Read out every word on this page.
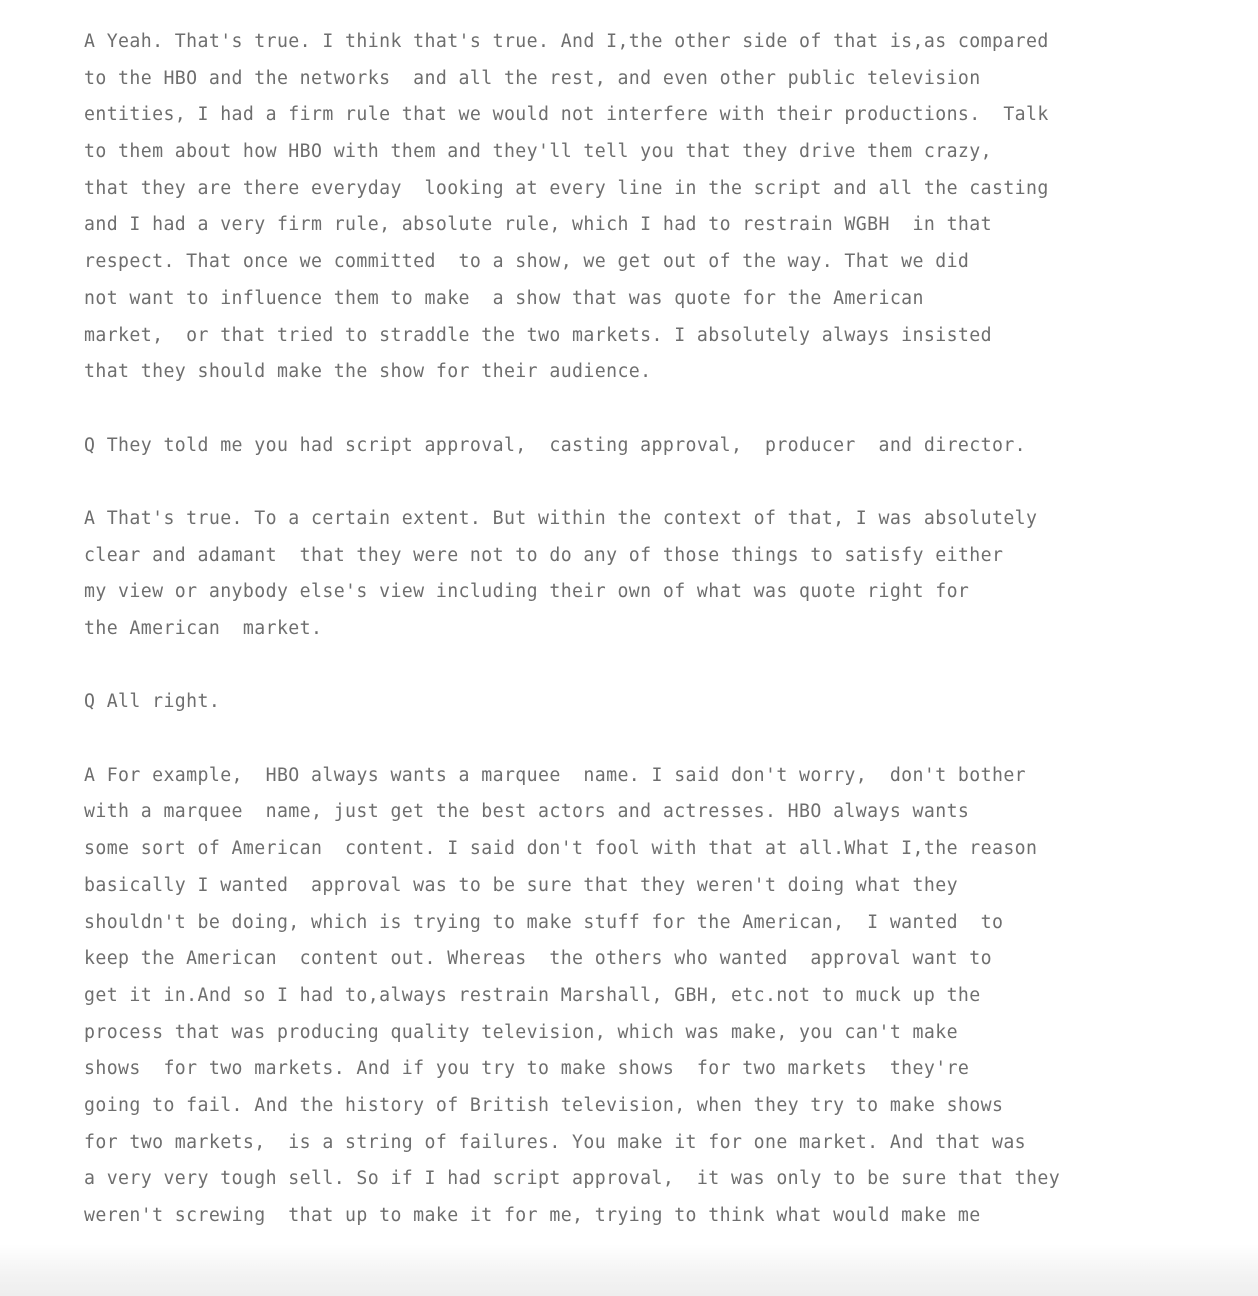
A Yeah. That's true. I think that's true. And I,the other side of that is,as compared
to the HBO and the networks  and all the rest, and even other public television
entities, I had a firm rule that we would not interfere with their productions.  Talk
to them about how HBO with them and they'll tell you that they drive them crazy,
that they are there everyday  looking at every line in the script and all the casting
and I had a very firm rule, absolute rule, which I had to restrain WGBH  in that
respect. That once we committed  to a show, we get out of the way. That we did
not want to influence them to make  a show that was quote for the American
market,  or that tried to straddle the two markets. I absolutely always insisted
that they should make the show for their audience.
Q They told me you had script approval,  casting approval,  producer  and director.
A That's true. To a certain extent. But within the context of that, I was absolutely
clear and adamant  that they were not to do any of those things to satisfy either
my view or anybody else's view including their own of what was quote right for
the American  market.
Q All right.
A For example,  HBO always wants a marquee  name. I said don't worry,  don't bother
with a marquee  name, just get the best actors and actresses. HBO always wants
some sort of American  content. I said don't fool with that at all.What I,the reason
basically I wanted  approval was to be sure that they weren't doing what they
shouldn't be doing, which is trying to make stuff for the American,  I wanted  to
keep the American  content out. Whereas  the others who wanted  approval want to
get it in.And so I had to,always restrain Marshall, GBH, etc.not to muck up the
process that was producing quality television, which was make, you can't make
shows  for two markets. And if you try to make shows  for two markets  they're
going to fail. And the history of British television, when they try to make shows
for two markets,  is a string of failures. You make it for one market. And that was
a very very tough sell. So if I had script approval,  it was only to be sure that they
weren't screwing  that up to make it for me, trying to think what would make me
